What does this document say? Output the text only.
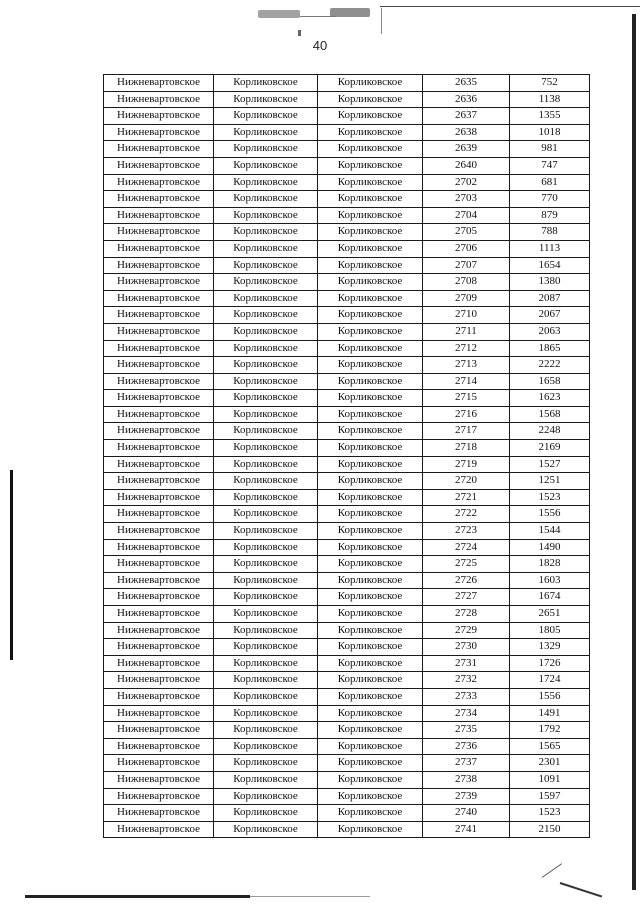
40
Нижневартовское	Корликовское	Корликовское	2635	752
Нижневартовское	Корликовское	Корликовское	2636	1138
Нижневартовское	Корликовское	Корликовское	2637	1355
Нижневартовское	Корликовское	Корликовское	2638	1018
Нижневартовское	Корликовское	Корликовское	2639	981
Нижневартовское	Корликовское	Корликовское	2640	747
Нижневартовское	Корликовское	Корликовское	2702	681
Нижневартовское	Корликовское	Корликовское	2703	770
Нижневартовское	Корликовское	Корликовское	2704	879
Нижневартовское	Корликовское	Корликовское	2705	788
Нижневартовское	Корликовское	Корликовское	2706	1113
Нижневартовское	Корликовское	Корликовское	2707	1654
Нижневартовское	Корликовское	Корликовское	2708	1380
Нижневартовское	Корликовское	Корликовское	2709	2087
Нижневартовское	Корликовское	Корликовское	2710	2067
Нижневартовское	Корликовское	Корликовское	2711	2063
Нижневартовское	Корликовское	Корликовское	2712	1865
Нижневартовское	Корликовское	Корликовское	2713	2222
Нижневартовское	Корликовское	Корликовское	2714	1658
Нижневартовское	Корликовское	Корликовское	2715	1623
Нижневартовское	Корликовское	Корликовское	2716	1568
Нижневартовское	Корликовское	Корликовское	2717	2248
Нижневартовское	Корликовское	Корликовское	2718	2169
Нижневартовское	Корликовское	Корликовское	2719	1527
Нижневартовское	Корликовское	Корликовское	2720	1251
Нижневартовское	Корликовское	Корликовское	2721	1523
Нижневартовское	Корликовское	Корликовское	2722	1556
Нижневартовское	Корликовское	Корликовское	2723	1544
Нижневартовское	Корликовское	Корликовское	2724	1490
Нижневартовское	Корликовское	Корликовское	2725	1828
Нижневартовское	Корликовское	Корликовское	2726	1603
Нижневартовское	Корликовское	Корликовское	2727	1674
Нижневартовское	Корликовское	Корликовское	2728	2651
Нижневартовское	Корликовское	Корликовское	2729	1805
Нижневартовское	Корликовское	Корликовское	2730	1329
Нижневартовское	Корликовское	Корликовское	2731	1726
Нижневартовское	Корликовское	Корликовское	2732	1724
Нижневартовское	Корликовское	Корликовское	2733	1556
Нижневартовское	Корликовское	Корликовское	2734	1491
Нижневартовское	Корликовское	Корликовское	2735	1792
Нижневартовское	Корликовское	Корликовское	2736	1565
Нижневартовское	Корликовское	Корликовское	2737	2301
Нижневартовское	Корликовское	Корликовское	2738	1091
Нижневартовское	Корликовское	Корликовское	2739	1597
Нижневартовское	Корликовское	Корликовское	2740	1523
Нижневартовское	Корликовское	Корликовское	2741	2150
